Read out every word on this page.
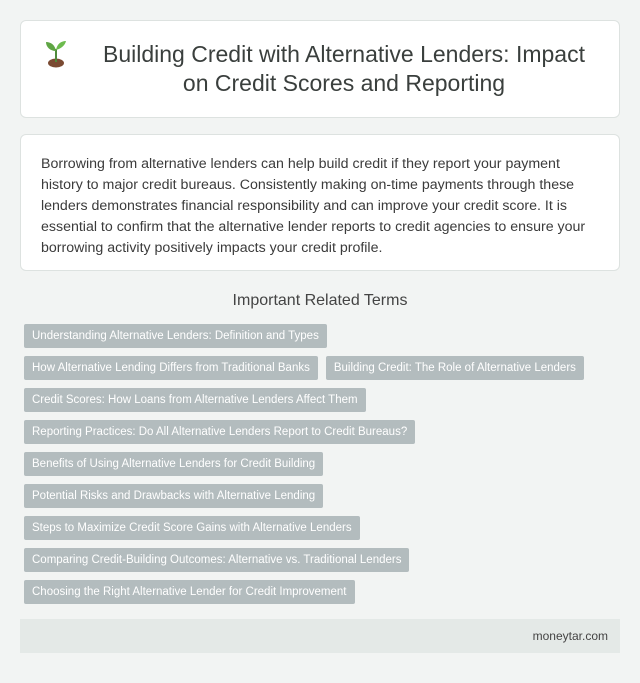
Building Credit with Alternative Lenders: Impact on Credit Scores and Reporting

Borrowing from alternative lenders can help build credit if they report your payment history to major credit bureaus. Consistently making on-time payments through these lenders demonstrates financial responsibility and can improve your credit score. It is essential to confirm that the alternative lender reports to credit agencies to ensure your borrowing activity positively impacts your credit profile.

Important Related Terms
Understanding Alternative Lenders: Definition and Types
How Alternative Lending Differs from Traditional Banks	Building Credit: The Role of Alternative Lenders
Credit Scores: How Loans from Alternative Lenders Affect Them
Reporting Practices: Do All Alternative Lenders Report to Credit Bureaus?
Benefits of Using Alternative Lenders for Credit Building
Potential Risks and Drawbacks with Alternative Lending
Steps to Maximize Credit Score Gains with Alternative Lenders
Comparing Credit-Building Outcomes: Alternative vs. Traditional Lenders
Choosing the Right Alternative Lender for Credit Improvement
moneytar.com
